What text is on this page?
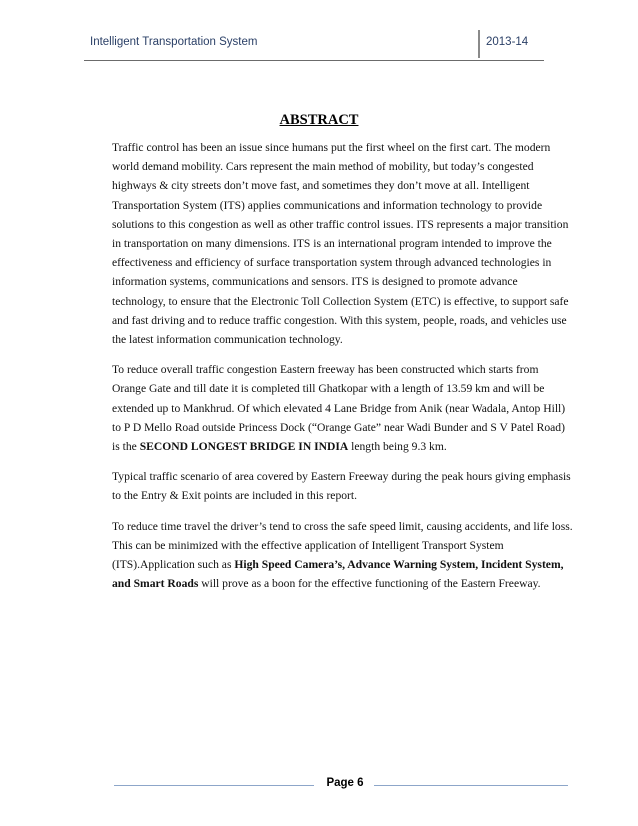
Intelligent Transportation System	2013-14
ABSTRACT

Traffic control has been an issue since humans put the first wheel on the first cart. The modern world demand mobility. Cars represent the main method of mobility, but today’s congested highways & city streets don’t move fast, and sometimes they don’t move at all. Intelligent Transportation System (ITS) applies communications and information technology to provide solutions to this congestion as well as other traffic control issues. ITS represents a major transition in transportation on many dimensions. ITS is an international program intended to improve the effectiveness and efficiency of surface transportation system through advanced technologies in information systems, communications and sensors. ITS is designed to promote advance technology, to ensure that the Electronic Toll Collection System (ETC) is effective, to support safe and fast driving and to reduce traffic congestion. With this system, people, roads, and vehicles use the latest information communication technology.

To reduce overall traffic congestion Eastern freeway has been constructed which starts from Orange Gate and till date it is completed till Ghatkopar with a length of 13.59 km and will be extended up to Mankhrud. Of which elevated 4 Lane Bridge from Anik (near Wadala, Antop Hill) to P D Mello Road outside Princess Dock (“Orange Gate” near Wadi Bunder and S V Patel Road) is the SECOND LONGEST BRIDGE IN INDIA length being 9.3 km.

Typical traffic scenario of area covered by Eastern Freeway during the peak hours giving emphasis to the Entry & Exit points are included in this report.

To reduce time travel the driver’s tend to cross the safe speed limit, causing accidents, and life loss. This can be minimized with the effective application of Intelligent Transport System (ITS).Application such as High Speed Camera’s, Advance Warning System, Incident System, and Smart Roads will prove as a boon for the effective functioning of the Eastern Freeway.

Page 6
